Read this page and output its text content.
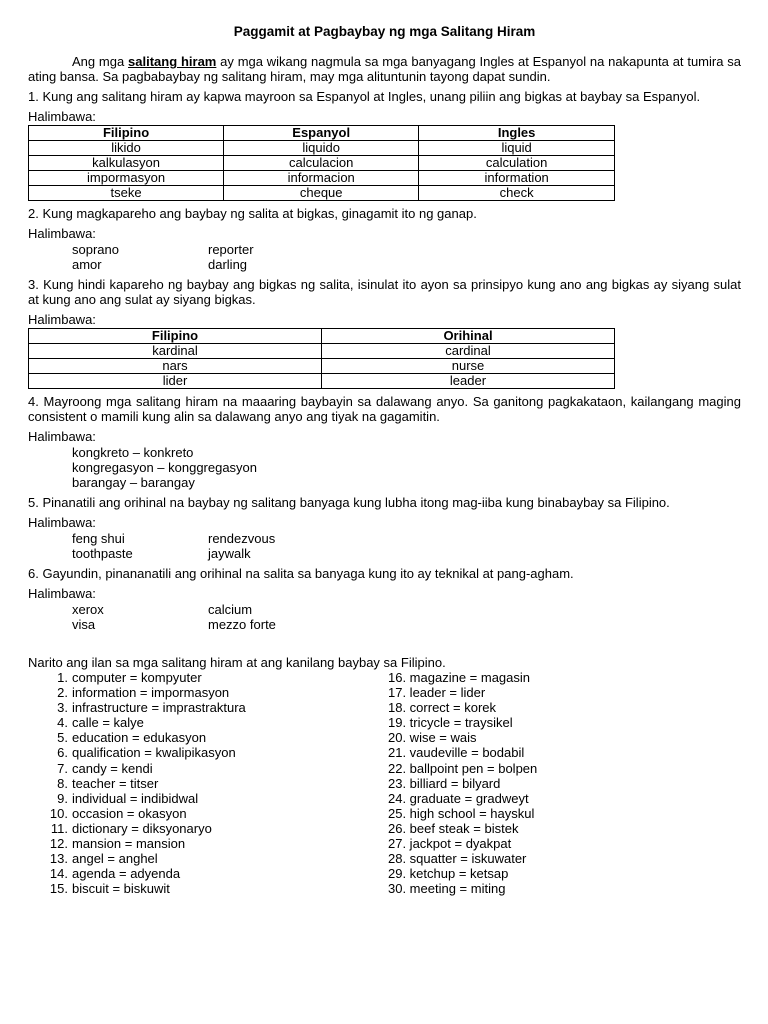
Paggamit at Pagbaybay ng mga Salitang Hiram

Ang mga salitang hiram ay mga wikang nagmula sa mga banyagang Ingles at Espanyol na nakapunta at tumira sa ating bansa. Sa pagbabaybay ng salitang hiram, may mga alituntunin tayong dapat sundin.

1. Kung ang salitang hiram ay kapwa mayroon sa Espanyol at Ingles, unang piliin ang bigkas at baybay sa Espanyol.

Halimbawa:

Filipino	Espanyol	Ingles
likido	liquido	liquid
kalkulasyon	calculacion	calculation
impormasyon	informacion	information
tseke	cheque	check

2. Kung magkapareho ang baybay ng salita at bigkas, ginagamit ito ng ganap.

Halimbawa:

soprano	reporter
amor	darling

3. Kung hindi kapareho ng baybay ang bigkas ng salita, isinulat ito ayon sa prinsipyo kung ano ang bigkas ay siyang sulat at kung ano ang sulat ay siyang bigkas.

Halimbawa:

Filipino	Orihinal
kardinal	cardinal
nars	nurse
lider	leader

4. Mayroong mga salitang hiram na maaaring baybayin sa dalawang anyo. Sa ganitong pagkakataon, kailangang maging consistent o mamili kung alin sa dalawang anyo ang tiyak na gagamitin.

Halimbawa:

kongkreto – konkreto
kongregasyon – konggregasyon
barangay – barangay

5. Pinanatili ang orihinal na baybay ng salitang banyaga kung lubha itong mag-iiba kung binabaybay sa Filipino.

Halimbawa:

feng shui	rendezvous
toothpaste	jaywalk

6. Gayundin, pinananatili ang orihinal na salita sa banyaga kung ito ay teknikal at pang-agham.

Halimbawa:

xerox	calcium
visa	mezzo forte

Narito ang ilan sa mga salitang hiram at ang kanilang baybay sa Filipino.

1. computer = kompyuter
2. information = impormasyon
3. infrastructure = imprastraktura
4. calle = kalye
5. education = edukasyon
6. qualification = kwalipikasyon
7. candy = kendi
8. teacher = titser
9. individual = indibidwal
10. occasion = okasyon
11. dictionary = diksyonaryo
12. mansion = mansion
13. angel = anghel
14. agenda = adyenda
15. biscuit = biskuwit
16. magazine = magasin
17. leader = lider
18. correct = korek
19. tricycle = traysikel
20. wise = wais
21. vaudeville = bodabil
22. ballpoint pen = bolpen
23. billiard = bilyard
24. graduate = gradweyt
25. high school = hayskul
26. beef steak = bistek
27. jackpot = dyakpat
28. squatter = iskuwater
29. ketchup = ketsap
30. meeting = miting
